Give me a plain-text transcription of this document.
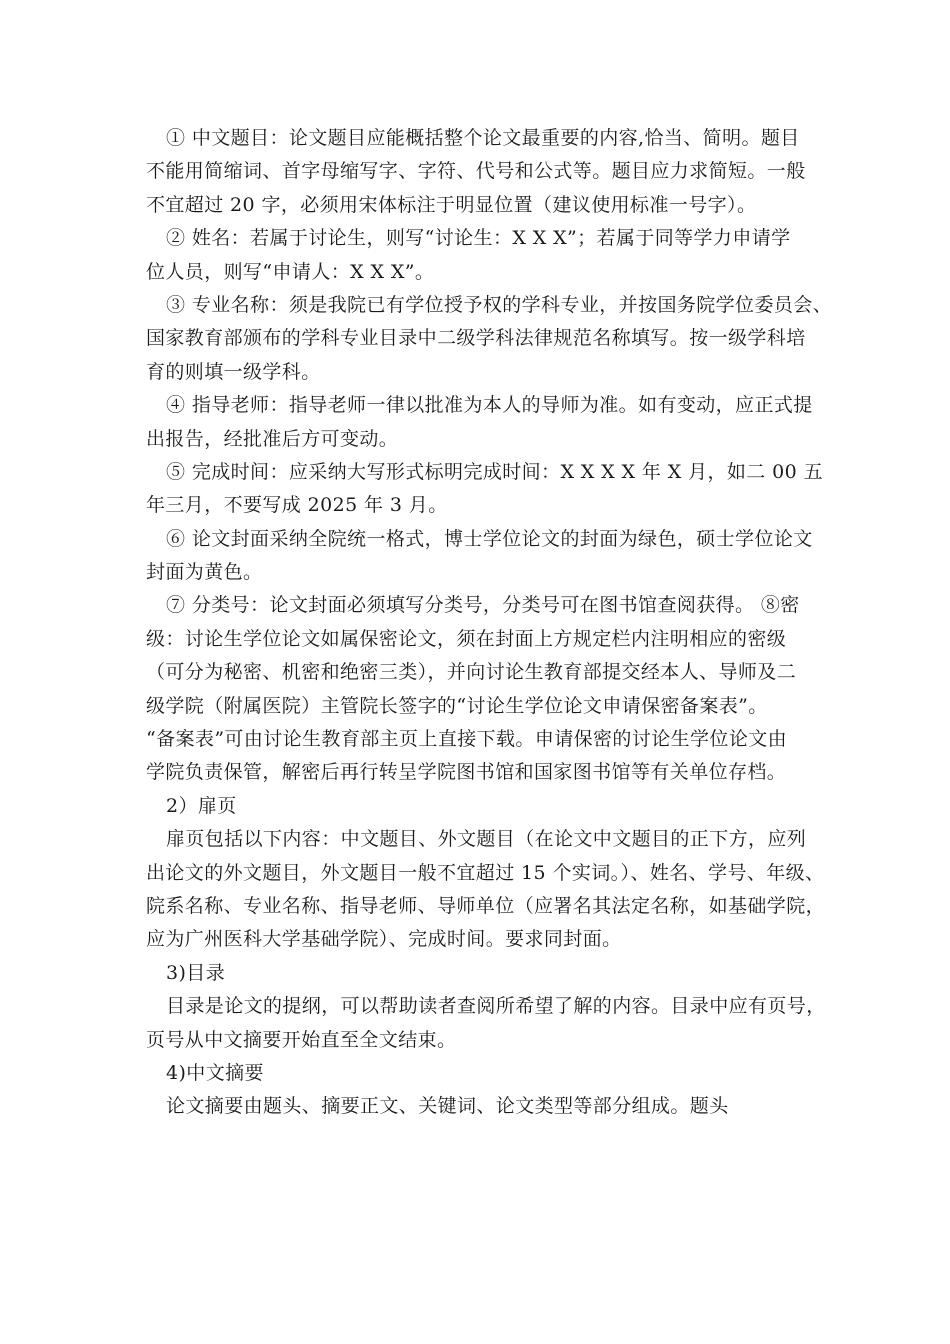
① 中文题目：论文题目应能概括整个论文最重要的内容,恰当、简明。题目
不能用简缩词、首字母缩写字、字符、代号和公式等。题目应力求简短。一般
不宜超过 20 字，必须用宋体标注于明显位置（建议使用标准一号字）。
② 姓名：若属于讨论生，则写“讨论生：X X X”；若属于同等学力申请学
位人员，则写“申请人：X X X”。
③ 专业名称：须是我院已有学位授予权的学科专业，并按国务院学位委员会、
国家教育部颁布的学科专业目录中二级学科法律规范名称填写。按一级学科培
育的则填一级学科。
④ 指导老师：指导老师一律以批准为本人的导师为准。如有变动，应正式提
出报告，经批准后方可变动。
⑤ 完成时间：应采纳大写形式标明完成时间：X X X X 年 X 月，如二 00 五
年三月，不要写成 2025 年 3 月。
⑥ 论文封面采纳全院统一格式，博士学位论文的封面为绿色，硕士学位论文
封面为黄色。
⑦ 分类号：论文封面必须填写分类号，分类号可在图书馆查阅获得。 ⑧密
级：讨论生学位论文如属保密论文，须在封面上方规定栏内注明相应的密级
（可分为秘密、机密和绝密三类），并向讨论生教育部提交经本人、导师及二
级学院（附属医院）主管院长签字的“讨论生学位论文申请保密备案表”。
“备案表”可由讨论生教育部主页上直接下载。申请保密的讨论生学位论文由
学院负责保管，解密后再行转呈学院图书馆和国家图书馆等有关单位存档。
2）扉页
扉页包括以下内容：中文题目、外文题目（在论文中文题目的正下方，应列
出论文的外文题目，外文题目一般不宜超过 15 个实词。）、姓名、学号、年级、
院系名称、专业名称、指导老师、导师单位（应署名其法定名称，如基础学院，
应为广州医科大学基础学院）、完成时间。要求同封面。
3)目录
目录是论文的提纲，可以帮助读者查阅所希望了解的内容。目录中应有页号，
页号从中文摘要开始直至全文结束。
4)中文摘要
论文摘要由题头、摘要正文、关键词、论文类型等部分组成。题头
